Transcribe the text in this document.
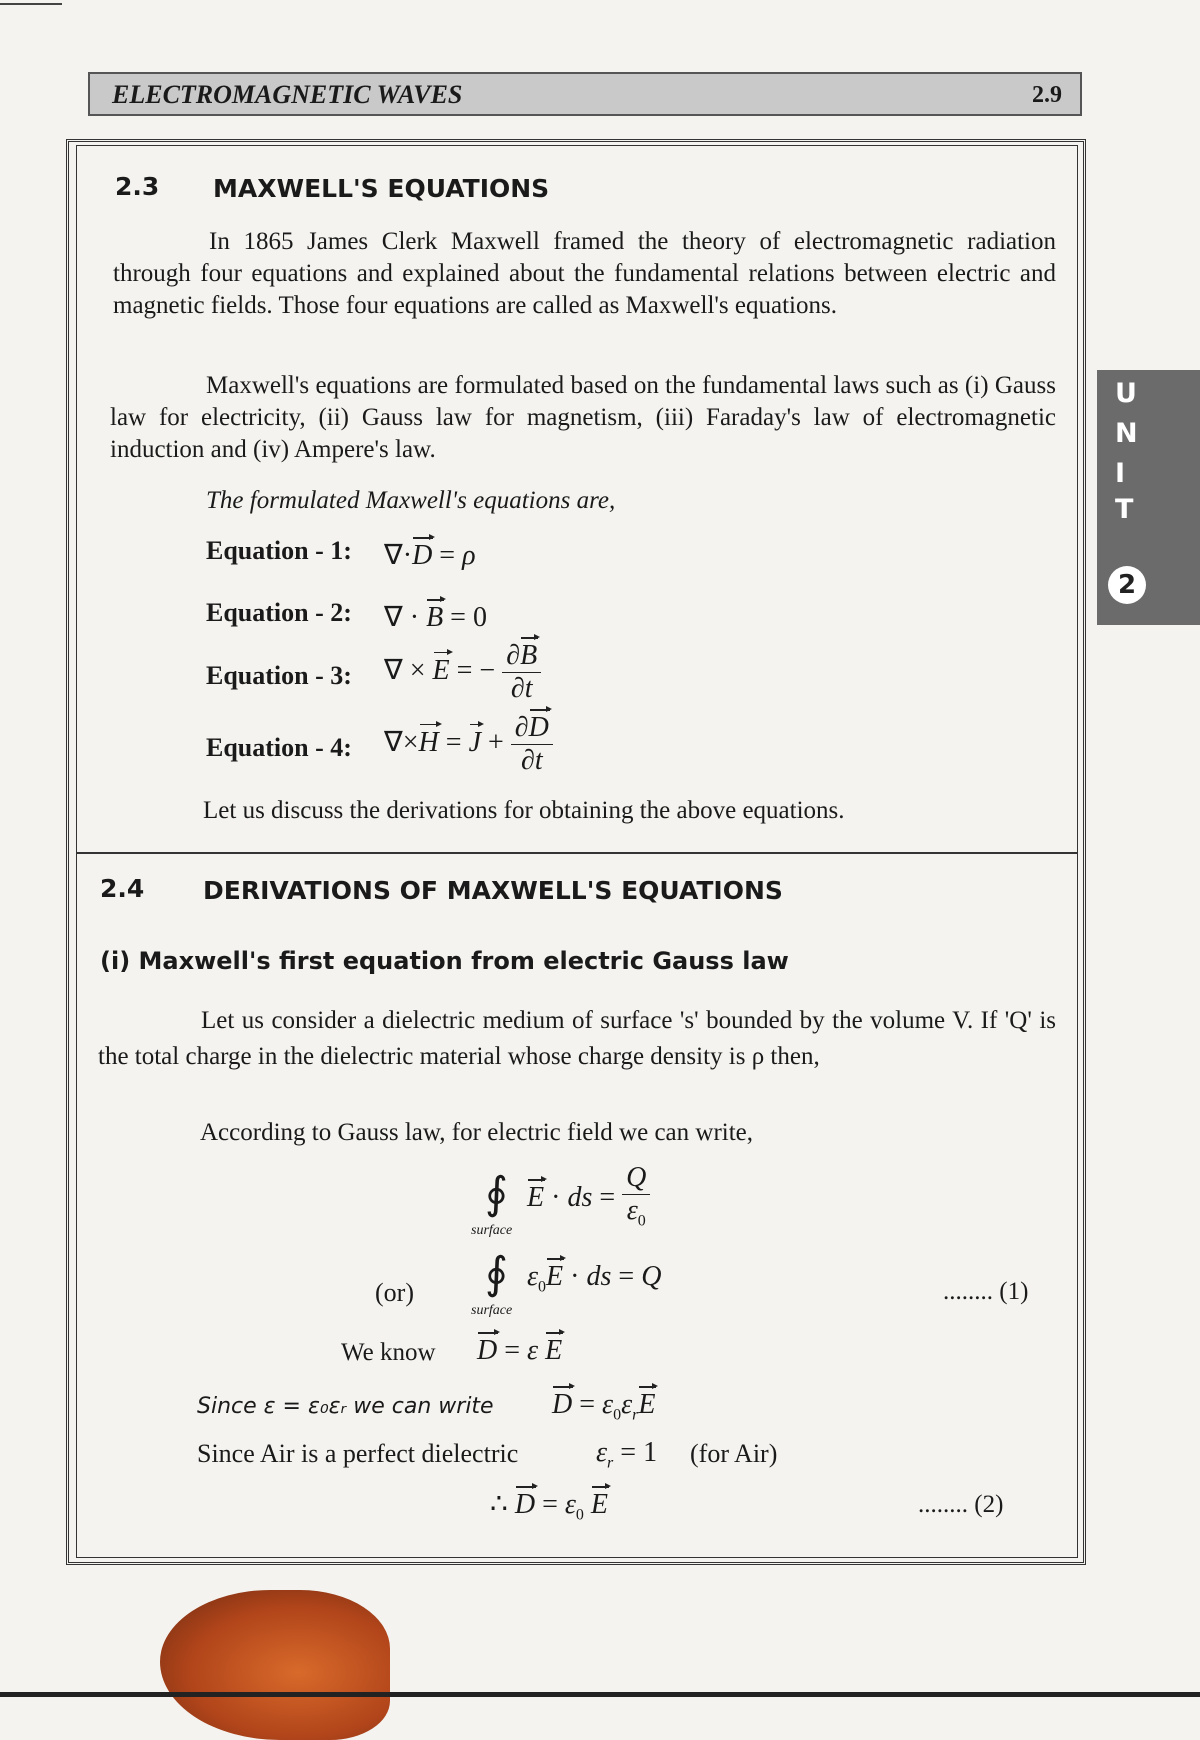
ELECTROMAGNETIC WAVES	2.9
2.3 MAXWELL'S EQUATIONS
In 1865 James Clerk Maxwell framed the theory of electromagnetic radiation through four equations and explained about the fundamental relations between electric and magnetic fields. Those four equations are called as Maxwell's equations.
Maxwell's equations are formulated based on the fundamental laws such as (i) Gauss law for electricity, (ii) Gauss law for magnetism, (iii) Faraday's law of electromagnetic induction and (iv) Ampere's law.
The formulated Maxwell's equations are,
Equation - 1: ∇·D = ρ
Equation - 2: ∇ · B = 0
Equation - 3: ∇ × E = − $\frac{\partial B}{\partial t}$
Equation - 4: $\nabla\times H = J + \frac{\partial D}{\partial t}$
Let us discuss the derivations for obtaining the above equations.
2.4 DERIVATIONS OF MAXWELL'S EQUATIONS
(i) Maxwell's first equation from electric Gauss law
Let us consider a dielectric medium of surface 's' bounded by the volume V. If 'Q' is the total charge in the dielectric material whose charge density is ρ then,
According to Gauss law, for electric field we can write,
∮
surface
E · ds = $\frac{Q}{\varepsilon_0}$
(or) ∮
surface
$\varepsilon_0E$ · ds = Q	........ (1)
We know D = ε E
Since ε = ε₀εᵣ we can write $D = \varepsilon_0\varepsilon_rE$
Since Air is a perfect dielectric	$\varepsilon_r = 1$ (for Air)
∴ $D = \varepsilon_0$ E	........ (2)
U
N
I
T
2
